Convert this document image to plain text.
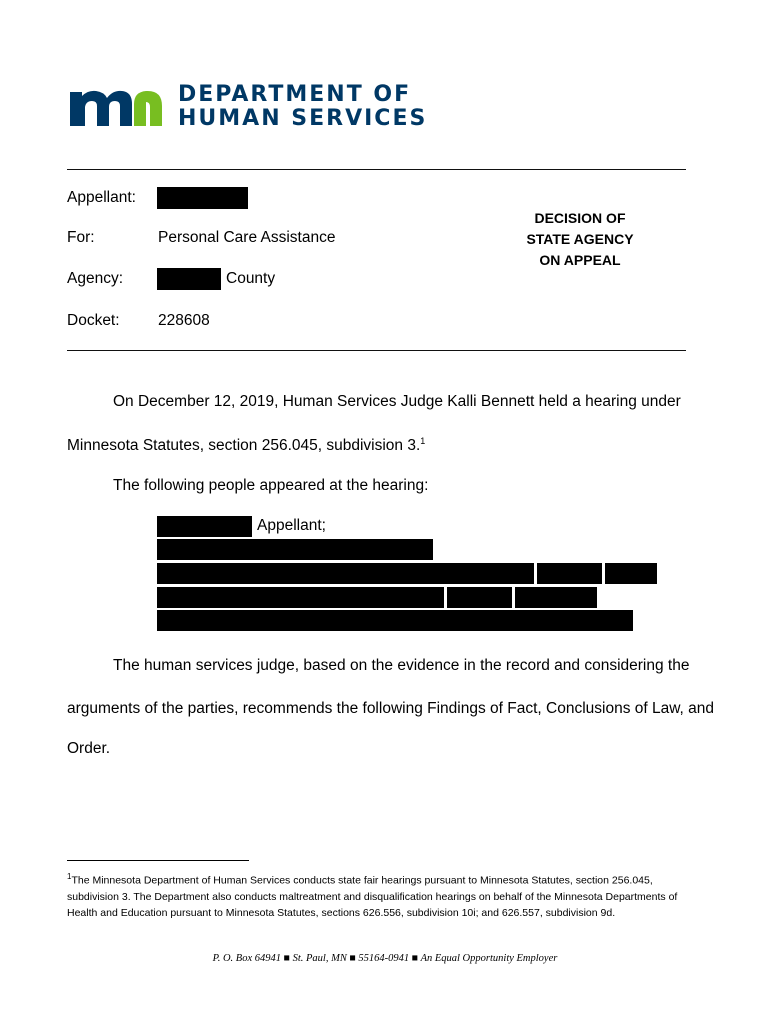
DEPARTMENT OF
HUMAN SERVICES
Appellant:
For:	Personal Care Assistance
Agency:	County
Docket: 228608
DECISION OF
STATE AGENCY
ON APPEAL
On December 12, 2019, Human Services Judge Kalli Bennett held a hearing under
Minnesota Statutes, section 256.045, subdivision 3.$^1$
The following people appeared at the hearing:
Appellant;
The human services judge, based on the evidence in the record and considering the
arguments of the parties, recommends the following Findings of Fact, Conclusions of Law, and
Order.
$^1$The Minnesota Department of Human Services conducts state fair hearings pursuant to Minnesota Statutes, section 256.045, subdivision 3. The Department also conducts maltreatment and disqualification hearings on behalf of the Minnesota Departments of Health and Education pursuant to Minnesota Statutes, sections 626.556, subdivision 10i; and 626.557, subdivision 9d.
P. O. Box 64941 ■ St. Paul, MN ■ 55164-0941 ■ An Equal Opportunity Employer
